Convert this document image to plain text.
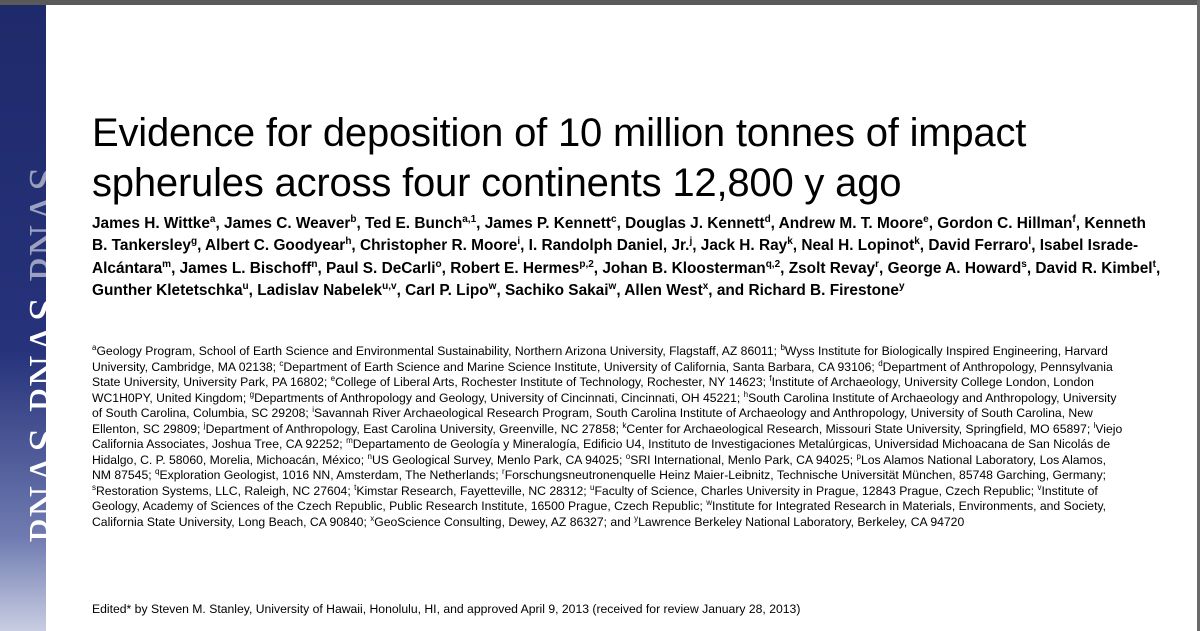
PNASPNASPNAS
Evidence for deposition of 10 million tonnes of impact spherules across four continents 12,800 y ago

James H. Wittke$^a$, James C. Weaver$^b$, Ted E. Bunch$^{a,1}$, James P. Kennett$^c$, Douglas J. Kennett$^d$, Andrew M. T. Moore$^e$, Gordon C. Hillman$^f$, Kenneth B. Tankersley$^g$, Albert C. Goodyear$^h$, Christopher R. Moore$^i$, I. Randolph Daniel, Jr.$^j$, Jack H. Ray$^k$, Neal H. Lopinot$^k$, David Ferraro$^l$, Isabel Israde-Alcántara$^m$, James L. Bischoff$^n$, Paul S. DeCarli$^o$, Robert E. Hermes$^{p,2}$, Johan B. Kloosterman$^{q,2}$, Zsolt Revay$^r$, George A. Howard$^s$, David R. Kimbel$^t$, Gunther Kletetschka$^u$, Ladislav Nabelek$^{u,v}$, Carl P. Lipo$^w$, Sachiko Sakai$^w$, Allen West$^x$, and Richard B. Firestone$^y$

$^a$Geology Program, School of Earth Science and Environmental Sustainability, Northern Arizona University, Flagstaff, AZ 86011; $^b$Wyss Institute for Biologically Inspired Engineering, Harvard University, Cambridge, MA 02138; $^c$Department of Earth Science and Marine Science Institute, University of California, Santa Barbara, CA 93106; $^d$Department of Anthropology, Pennsylvania State University, University Park, PA 16802; $^e$College of Liberal Arts, Rochester Institute of Technology, Rochester, NY 14623; $^f$Institute of Archaeology, University College London, London WC1H0PY, United Kingdom; $^g$Departments of Anthropology and Geology, University of Cincinnati, Cincinnati, OH 45221; $^h$South Carolina Institute of Archaeology and Anthropology, University of South Carolina, Columbia, SC 29208; $^i$Savannah River Archaeological Research Program, South Carolina Institute of Archaeology and Anthropology, University of South Carolina, New Ellenton, SC 29809; $^j$Department of Anthropology, East Carolina University, Greenville, NC 27858; $^k$Center for Archaeological Research, Missouri State University, Springfield, MO 65897; $^l$Viejo California Associates, Joshua Tree, CA 92252; $^m$Departamento de Geología y Mineralogía, Edificio U4, Instituto de Investigaciones Metalúrgicas, Universidad Michoacana de San Nicolás de Hidalgo, C. P. 58060, Morelia, Michoacán, México; $^n$US Geological Survey, Menlo Park, CA 94025; $^o$SRI International, Menlo Park, CA 94025; $^p$Los Alamos National Laboratory, Los Alamos, NM 87545; $^q$Exploration Geologist, 1016 NN, Amsterdam, The Netherlands; $^r$Forschungsneutronenquelle Heinz Maier-Leibnitz, Technische Universität München, 85748 Garching, Germany; $^s$Restoration Systems, LLC, Raleigh, NC 27604; $^t$Kimstar Research, Fayetteville, NC 28312; $^u$Faculty of Science, Charles University in Prague, 12843 Prague, Czech Republic; $^v$Institute of Geology, Academy of Sciences of the Czech Republic, Public Research Institute, 16500 Prague, Czech Republic; $^w$Institute for Integrated Research in Materials, Environments, and Society, California State University, Long Beach, CA 90840; $^x$GeoScience Consulting, Dewey, AZ 86327; and $^y$Lawrence Berkeley National Laboratory, Berkeley, CA 94720

Edited* by Steven M. Stanley, University of Hawaii, Honolulu, HI, and approved April 9, 2013 (received for review January 28, 2013)
